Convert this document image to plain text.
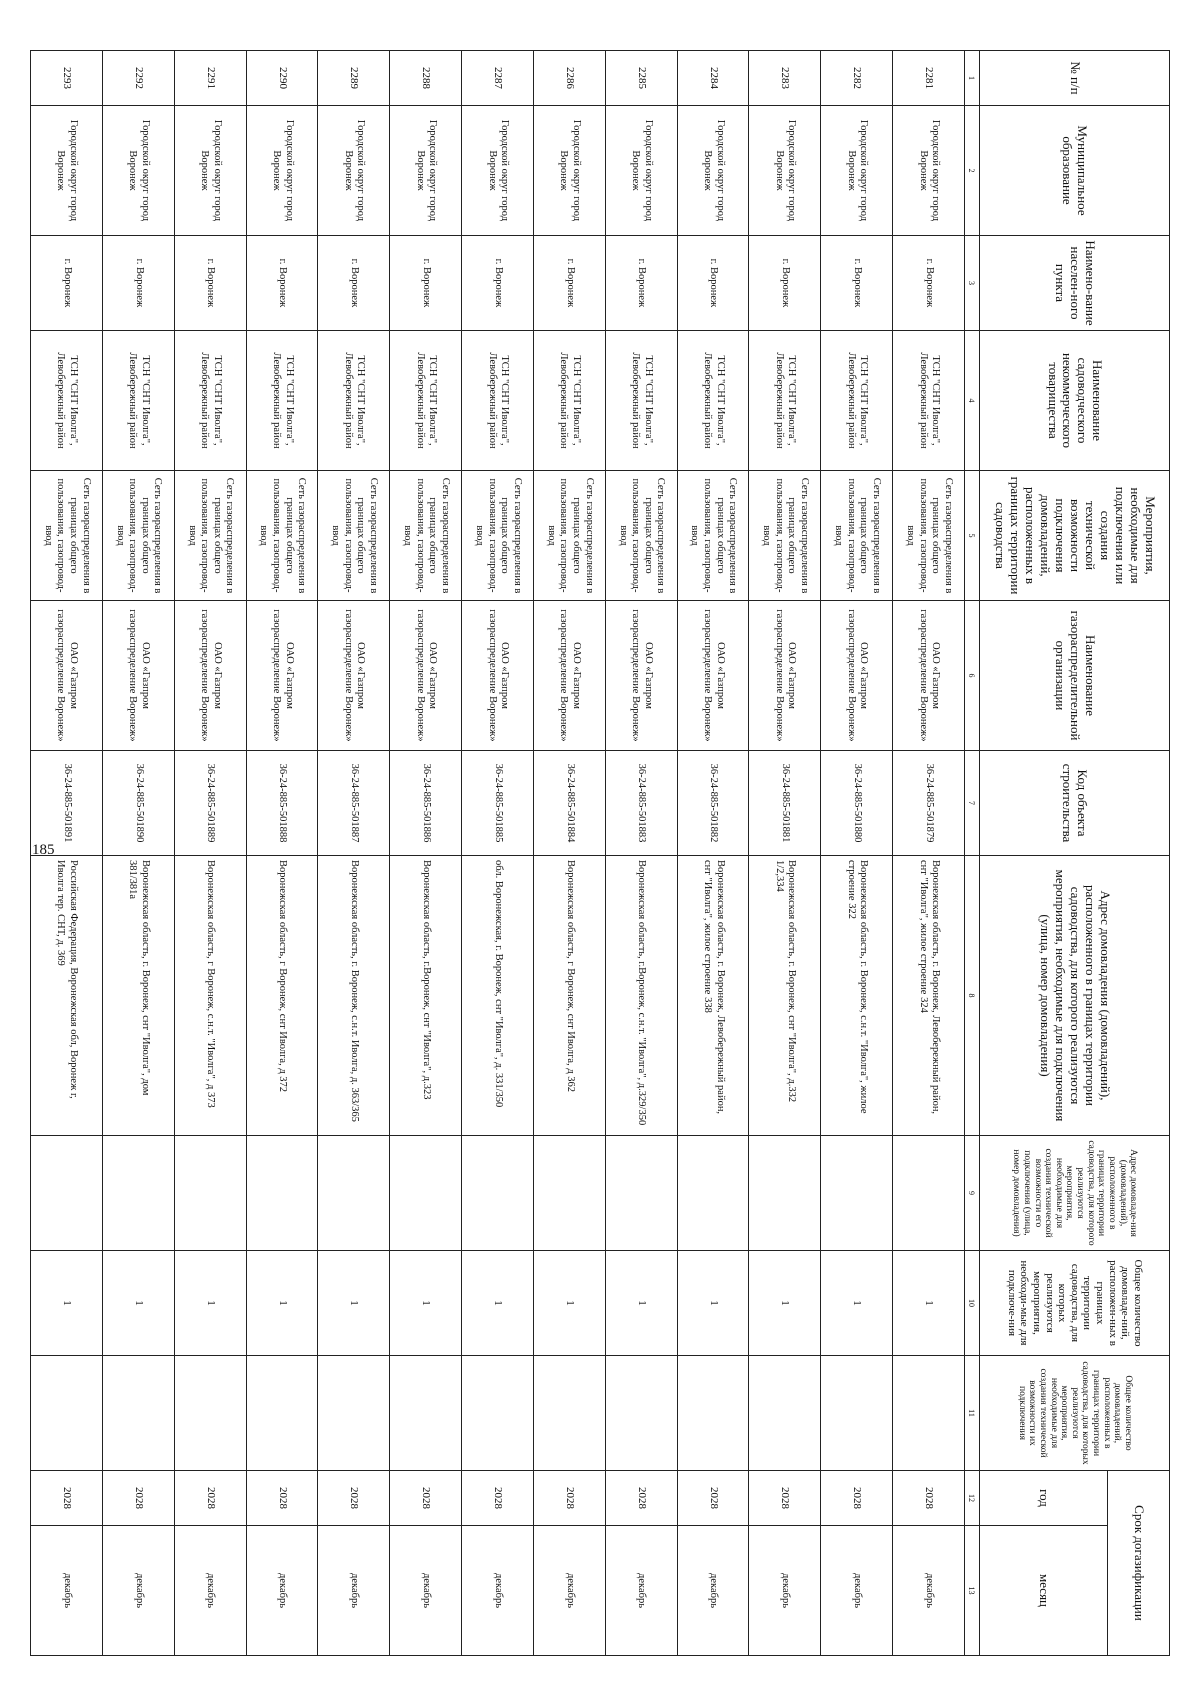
185
№ п/п	Муниципальное образование	Наимено-вание населен-ного пункта	Наименование садоводческого некоммерческого товарищества	Мероприятия, необходимые для подключения или создания технической возможности подключения домовладений, расположенных в границах территории садоводства	Наименование газораспределительной организации	Код объекта строительства	Адрес домовладения (домовладений), расположенного в границах территории садоводства, для которого реализуются мероприятия, необходимые для подключения (улица, номер домовладения)	Адрес домовладе-ния (домовладений), расположенного в границах территории садоводства, для которого реализуются мероприятия, необходимые для создания технической возможности его подключения (улица, номер домовладения)	Общее количество домовладе-ний, расположен-ных в границах территории садоводства, для которых реализуются мероприятия, необходи-мые для подключе-ния	Общее количество домовладений, расположенных в границах территории садоводства, для которых реализуются мероприятия, необходимые для создания технической возможности их подключения	Срок догазификации	
											год	месяц
1	2	3	4	5	6	7	8	9	10	11	12	13
2281	Городской округ город Воронеж	г. Воронеж	ТСН "СНТ Иволга", Левобережный район	Сеть газораспределения в границах общего пользования, газопровод-ввод	ОАО «Газпром газораспределение Воронеж»	36-24-885-501879	Воронежская область, г. Воронеж, Левобережный район, снт "Иволга", жилое строение 324		1		2028	декабрь
2282	Городской округ город Воронеж	г. Воронеж	ТСН "СНТ Иволга", Левобережный район	Сеть газораспределения в границах общего пользования, газопровод-ввод	ОАО «Газпром газораспределение Воронеж»	36-24-885-501880	Воронежская область, г. Воронеж, с.н.т. "Иволга", жилое строение 322		1		2028	декабрь
2283	Городской округ город Воронеж	г. Воронеж	ТСН "СНТ Иволга", Левобережный район	Сеть газораспределения в границах общего пользования, газопровод-ввод	ОАО «Газпром газораспределение Воронеж»	36-24-885-501881	Воронежская область, г. Воронеж, снт "Иволга", д.332 1/2,334		1		2028	декабрь
2284	Городской округ город Воронеж	г. Воронеж	ТСН "СНТ Иволга", Левобережный район	Сеть газораспределения в границах общего пользования, газопровод-ввод	ОАО «Газпром газораспределение Воронеж»	36-24-885-501882	Воронежская область, г. Воронеж, Левобережный район, снт "Иволга", жилое строение 338		1		2028	декабрь
2285	Городской округ город Воронеж	г. Воронеж	ТСН "СНТ Иволга", Левобережный район	Сеть газораспределения в границах общего пользования, газопровод-ввод	ОАО «Газпром газораспределение Воронеж»	36-24-885-501883	Воронежская область, г.Воронеж, с.н.т. "Иволга", д.329/350		1		2028	декабрь
2286	Городской округ город Воронеж	г. Воронеж	ТСН "СНТ Иволга", Левобережный район	Сеть газораспределения в границах общего пользования, газопровод-ввод	ОАО «Газпром газораспределение Воронеж»	36-24-885-501884	Воронежская область, г Воронеж, снт Иволга, д 362		1		2028	декабрь
2287	Городской округ город Воронеж	г. Воронеж	ТСН "СНТ Иволга", Левобережный район	Сеть газораспределения в границах общего пользования, газопровод-ввод	ОАО «Газпром газораспределение Воронеж»	36-24-885-501885	обл. Воронежская, г. Воронеж, снт "Иволга", д. 331/350		1		2028	декабрь
2288	Городской округ город Воронеж	г. Воронеж	ТСН "СНТ Иволга", Левобережный район	Сеть газораспределения в границах общего пользования, газопровод-ввод	ОАО «Газпром газораспределение Воронеж»	36-24-885-501886	Воронежская область, г.Воронеж, снт "Иволга", д.323		1		2028	декабрь
2289	Городской округ город Воронеж	г. Воронеж	ТСН "СНТ Иволга", Левобережный район	Сеть газораспределения в границах общего пользования, газопровод-ввод	ОАО «Газпром газораспределение Воронеж»	36-24-885-501887	Воронежская область, г. Воронеж, с.н.т. Иволга, д. 363/365		1		2028	декабрь
2290	Городской округ город Воронеж	г. Воронеж	ТСН "СНТ Иволга", Левобережный район	Сеть газораспределения в границах общего пользования, газопровод-ввод	ОАО «Газпром газораспределение Воронеж»	36-24-885-501888	Воронежская область, г Воронеж, снт Иволга, д 372		1		2028	декабрь
2291	Городской округ город Воронеж	г. Воронеж	ТСН "СНТ Иволга", Левобережный район	Сеть газораспределения в границах общего пользования, газопровод-ввод	ОАО «Газпром газораспределение Воронеж»	36-24-885-501889	Воронежская область, г Воронеж, с.н.т. "Иволга", д 373		1		2028	декабрь
2292	Городской округ город Воронеж	г. Воронеж	ТСН "СНТ Иволга", Левобережный район	Сеть газораспределения в границах общего пользования, газопровод-ввод	ОАО «Газпром газораспределение Воронеж»	36-24-885-501890	Воронежская область, г. Воронеж, снт "Иволга", дом 381/381а		1		2028	декабрь
2293	Городской округ город Воронеж	г. Воронеж	ТСН "СНТ Иволга", Левобережный район	Сеть газораспределения в границах общего пользования, газопровод-ввод	ОАО «Газпром газораспределение Воронеж»	36-24-885-501891	Российская Федерация, Воронежская обл, Воронеж г, Иволга тер. СНТ, д. 369		1		2028	декабрь
